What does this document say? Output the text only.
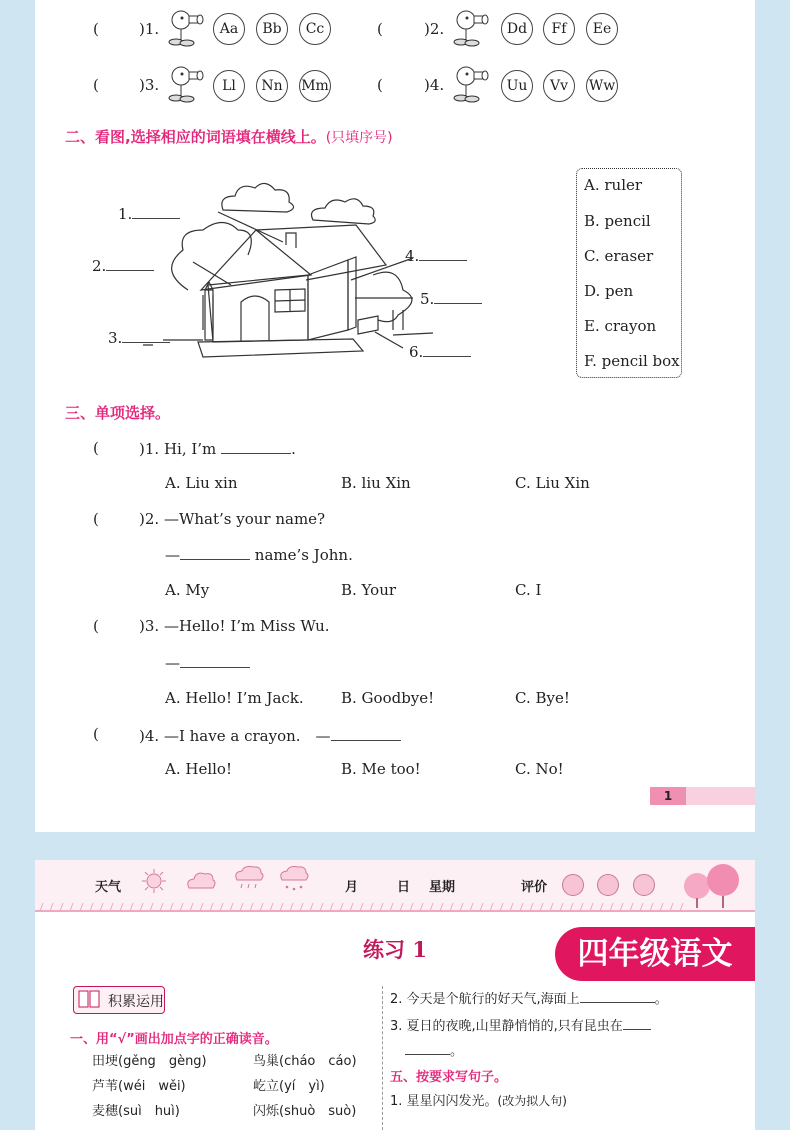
(	)1.	Aa	Bb	Cc	(	)2.	Dd	Ff	Ee
(	)3.	Ll	Nn	Mm	(	)4.	Uu	Vv	Ww
二、看图,选择相应的词语填在横线上。(只填序号)
1.
2.
3.
4.
5.
6.
A. ruler
B. pencil
C. eraser
D. pen
E. crayon
F. pencil box
三、单项选择。
(	)1. Hi, I’m	.
A. Liu xin	B. liu Xin	C. Liu Xin
(	)2. —What’s your name?
—	name’s John.
A. My	B. Your	C. I
(	)3. —Hello! I’m Miss Wu.
—
A. Hello! I’m Jack. B. Goodbye!	C. Bye!
(	)4. —I have a crayon.　 —
A. Hello!	B. Me too!	C. No!
1
天气	月	日 星期	评价
练习 1	四年级语文
积累运用
一、用“√”画出加点字的正确读音。
田埂(gěng　gèng)	鸟巢(cháo　cáo)
芦苇(wéi　wěi)	屹立(yí　yì)
麦穗(suì　huì)	闪烁(shuò　suò)
2. 今天是个航行的好天气,海面上	。
3. 夏日的夜晚,山里静悄悄的,只有昆虫在
。
五、按要求写句子。
1. 星星闪闪发光。(改为拟人句)
